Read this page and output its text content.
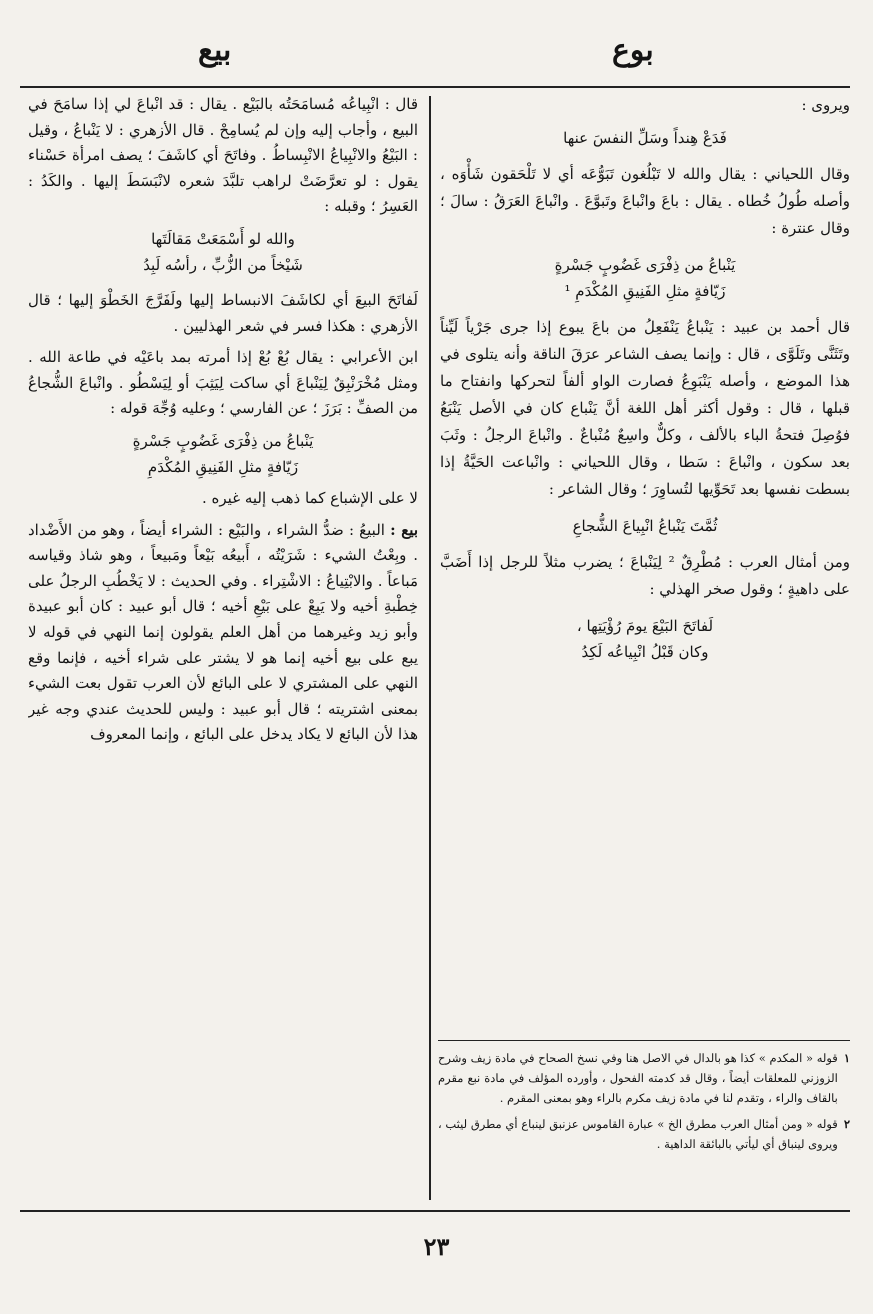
بيع	بوع

ويروى :

فَدَعْ هِنداً وسَلِّ النفسَ عنها

وقال اللحياني : يقال والله لا تَبْلُغون تَبَوُّعَه أي لا تَلْحَقون شَأْوَه ، وأصله طُولُ خُطاه . يقال : باعَ وانْباعَ وتَبوَّعَ . وانْباعَ العَرَقُ : سالَ ؛ وقال عنترة :

يَنْباعُ من ذِفْرَى غَضُوبٍ جَسْرةٍ

زَيّافةٍ مثلِ الفَنِيقِ المُكْدَمِ ¹

قال أحمد بن عبيد : يَنْباعُ يَنْفَعِلُ من باعَ يبوع إذا جرى جَرْياً لَيِّناً وتَثَنَّى وتَلَوَّى ، قال : وإنما يصف الشاعر عرَقَ الناقة وأنه يتلوى في هذا الموضع ، وأصله يَنْبَوِعُ فصارت الواو ألفاً لتحركها وانفتاح ما قبلها ، قال : وقول أكثر أهل اللغة أنَّ يَنْباع كان في الأصل يَنْبَعُ فوُصِلَ فتحةُ الباء بالألف ، وكلٌّ واسِعٌ مُنْباعٌ . وانْباعَ الرجلُ : وثَبَ بعد سكون ، وانْباعَ : سَطا ، وقال اللحياني : وانْباعت الحَيَّةُ إذا بسطت نفسها بعد تَحَوِّيها لتُساوِرَ ؛ وقال الشاعر :

ثُمَّتَ يَنْباعُ انْبِياعَ الشُّجاعِ

ومن أمثال العرب : مُطْرِقٌ ² لِيَنْباعَ ؛ يضرب مثلاً للرجل إذا أَضَبَّ على داهيةٍ ؛ وقول صخر الهذلي :

لَفاتَحَ البَيْعَ يومَ رُؤْيَتِها ،

وكان قَبْلُ انْبِياعُه لَكِدُ

قال : انْبِياعُه مُسامَحَتُه بالبَيْع . يقال : قد انْباعَ لي إذا سامَحَ في البيع ، وأجاب إليه وإن لم يُسامِحْ . قال الأزهري : لا يَنْباعُ ، وقيل : البَيْعُ والانْبِياعُ الانْبِساطُ . وفاتَحَ أي كاشَفَ ؛ يصف امرأة حَسْناء يقول : لو تعرَّضَتْ لراهب تلبَّدَ شعره لانْبَسَطَ إليها . والكَدُ : العَسِرُ ؛ وقبله :

والله لو أَسْمَعَتْ مَقالَتَها

شَيْخاً من الزُّبِّ ، رأسُه لَبِدُ

لَفاتَحَ البيعَ أي لكاشَفَ الانبساط إليها ولَفَرَّجَ الخَطْوَ إليها ؛ قال الأزهري : هكذا فسر في شعر الهذليين .

ابن الأعرابي : يقال بُعْ بُعْ إذا أمرته بمد باعَيْه في طاعة الله . ومثل مُخْرَنْبِقٌ لِيَنْباعَ أي ساكت لِيَثِبَ أو لِيَسْطُو . وانْباعَ الشُّجاعُ من الصفِّ : بَرَزَ ؛ عن الفارسي ؛ وعليه وُجِّهَ قوله :

يَنْباعُ من ذِفْرَى غَضُوبٍ جَسْرةٍ

زَيّافةٍ مثلِ الفَنِيقِ المُكْدَمِ

لا على الإشباع كما ذهب إليه غيره .

بيع : البيعُ : ضدُّ الشراء ، والبَيْع : الشراء أيضاً ، وهو من الأَضْداد . وبِعْتُ الشيء : شَرَيْتُه ، أَبيعُه بَيْعاً ومَبيعاً ، وهو شاذ وقياسه مَباعاً . والابْتِياعُ : الاشْتِراء . وفي الحديث : لا يَخْطُبِ الرجلُ على خِطْبةِ أخيه ولا يَبِعْ على بَيْعِ أخيه ؛ قال أبو عبيد : كان أبو عبيدة وأبو زيد وغيرهما من أهل العلم يقولون إنما النهي في قوله لا يبع على بيع أخيه إنما هو لا يشتر على شراء أخيه ، فإنما وقع النهي على المشتري لا على البائع لأن العرب تقول بعت الشيء بمعنى اشتريته ؛ قال أبو عبيد : وليس للحديث عندي وجه غير هذا لأن البائع لا يكاد يدخل على البائع ، وإنما المعروف

١
قوله « المكدم » كذا هو بالدال في الاصل هنا وفي نسخ الصحاح في مادة زيف وشرح الزوزني للمعلقات أيضاً ، وقال قد كدمته الفحول ، وأورده المؤلف في مادة نبع مقرم بالقاف والراء ، وتقدم لنا في مادة زيف مكرم بالراء وهو بمعنى المقرم .
٢
قوله « ومن أمثال العرب مطرق الخ » عبارة القاموس عزنبق لينباع أي مطرق ليثب ، ويروى لينباق أي ليأتي بالبائقة الداهية .
٢٣
